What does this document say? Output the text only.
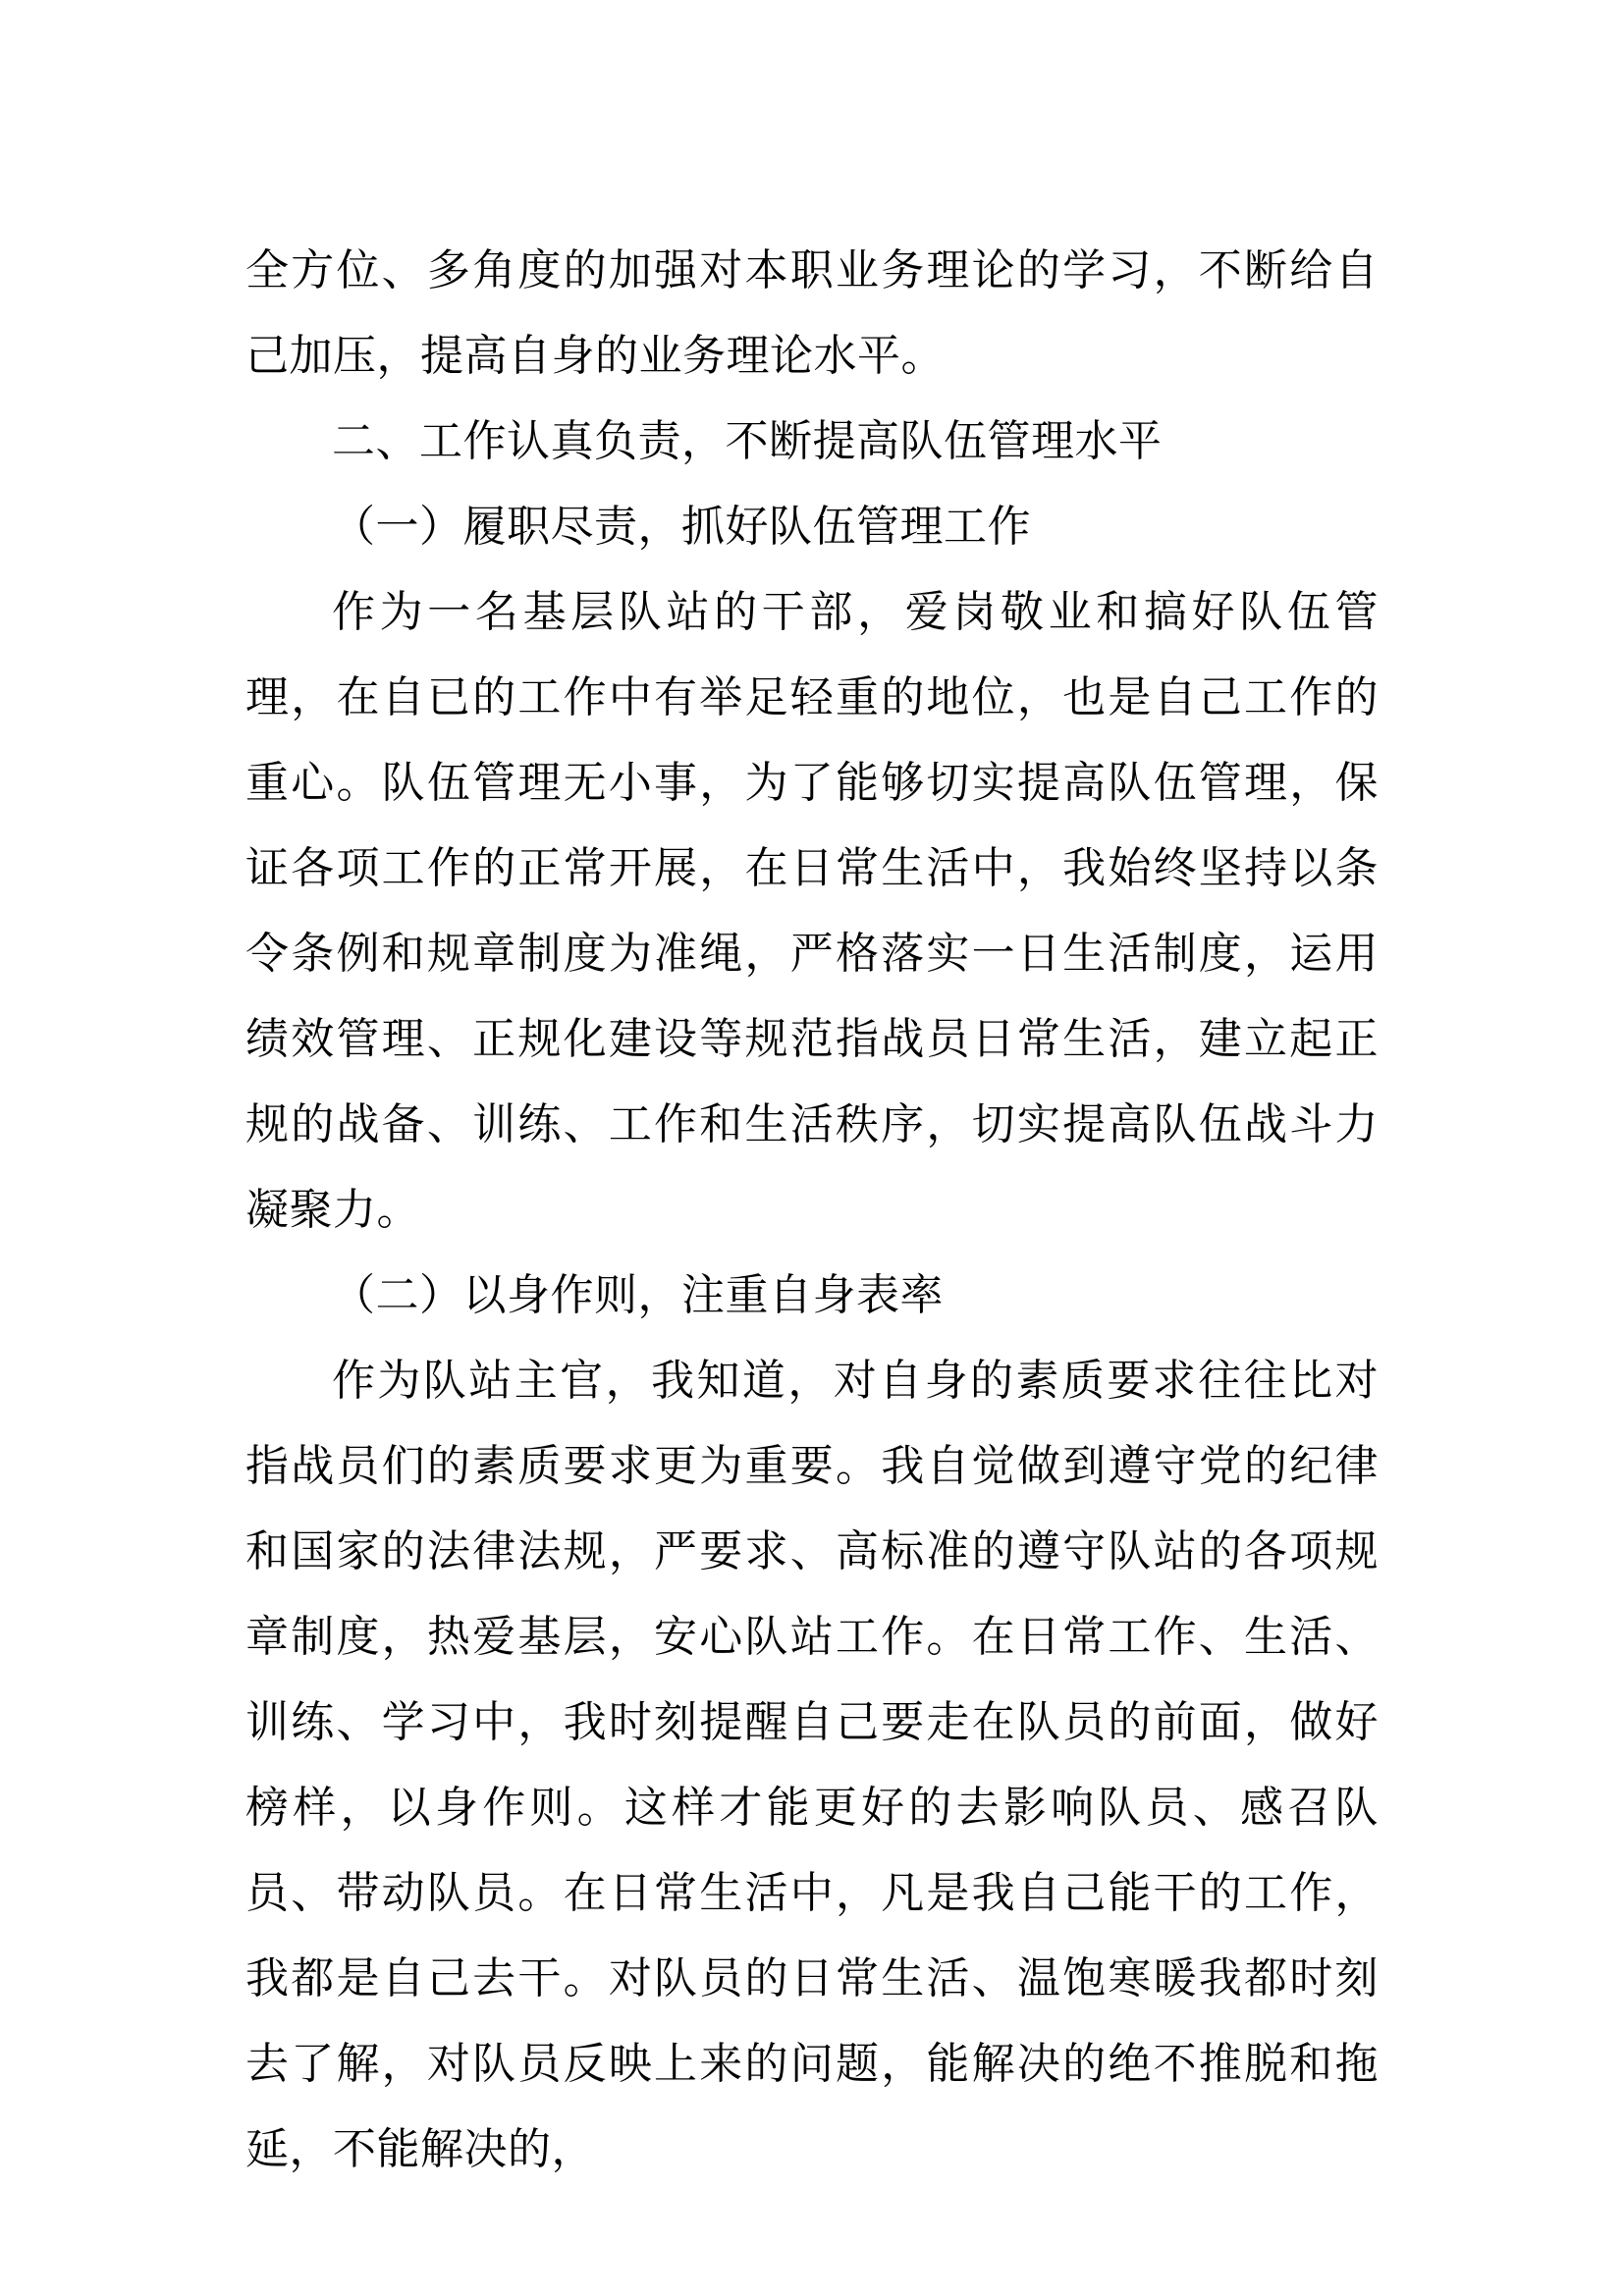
全方位、多角度的加强对本职业务理论的学习，不断给自己加压，提高自身的业务理论水平。

二、工作认真负责，不断提高队伍管理水平

（一）履职尽责，抓好队伍管理工作

作为一名基层队站的干部，爱岗敬业和搞好队伍管理，在自已的工作中有举足轻重的地位，也是自己工作的重心。队伍管理无小事，为了能够切实提高队伍管理，保证各项工作的正常开展，在日常生活中，我始终坚持以条令条例和规章制度为准绳，严格落实一日生活制度，运用绩效管理、正规化建设等规范指战员日常生活，建立起正规的战备、训练、工作和生活秩序，切实提高队伍战斗力凝聚力。

（二）以身作则，注重自身表率

作为队站主官，我知道，对自身的素质要求往往比对指战员们的素质要求更为重要。我自觉做到遵守党的纪律和国家的法律法规，严要求、高标准的遵守队站的各项规章制度，热爱基层，安心队站工作。在日常工作、生活、训练、学习中，我时刻提醒自己要走在队员的前面，做好榜样，以身作则。这样才能更好的去影响队员、感召队员、带动队员。在日常生活中，凡是我自己能干的工作，我都是自己去干。对队员的日常生活、温饱寒暖我都时刻去了解，对队员反映上来的问题，能解决的绝不推脱和拖延，不能解决的，
